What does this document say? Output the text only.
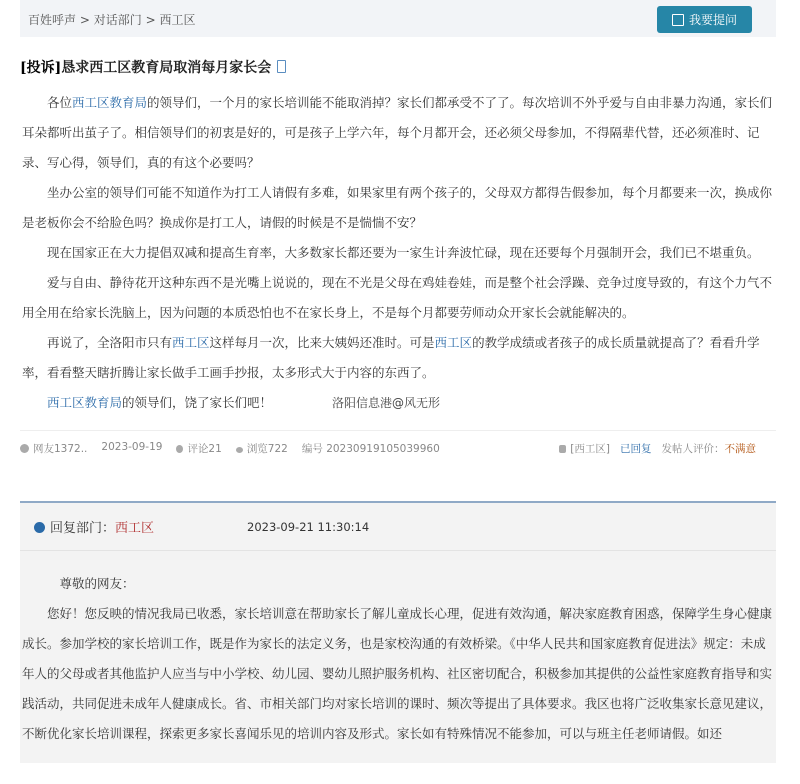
百姓呼声 > 对话部门 > 西工区	我要提问
[投诉]恳求西工区教育局取消每月家长会

各位西工区教育局的领导们，一个月的家长培训能不能取消掉？家长们都承受不了了。每次培训不外乎爱与自由非暴力沟通，家长们耳朵都听出茧子了。相信领导们的初衷是好的，可是孩子上学六年，每个月都开会，还必须父母参加，不得隔辈代替，还必须准时、记录、写心得，领导们，真的有这个必要吗？

坐办公室的领导们可能不知道作为打工人请假有多难，如果家里有两个孩子的，父母双方都得告假参加，每个月都要来一次，换成你是老板你会不给脸色吗？换成你是打工人，请假的时候是不是惴惴不安？

现在国家正在大力提倡双减和提高生育率，大多数家长都还要为一家生计奔波忙碌，现在还要每个月强制开会，我们已不堪重负。

爱与自由、静待花开这种东西不是光嘴上说说的，现在不光是父母在鸡娃卷娃，而是整个社会浮躁、竞争过度导致的，有这个力气不用全用在给家长洗脑上，因为问题的本质恐怕也不在家长身上，不是每个月都要劳师动众开家长会就能解决的。

再说了，全洛阳市只有西工区这样每月一次，比来大姨妈还准时。可是西工区的教学成绩或者孩子的成长质量就提高了？看看升学率，看看整天瞎折腾让家长做手工画手抄报，太多形式大于内容的东西了。

西工区教育局的领导们，饶了家长们吧！	洛阳信息港@风无形

网友1372.. 2023-09-19	评论21	浏览722 编号 20230919105039960	[西工区] 已回复 发帖人评价：不满意
回复部门：西工区	2023-09-21 11:30:14

尊敬的网友：

您好！您反映的情况我局已收悉，家长培训意在帮助家长了解儿童成长心理，促进有效沟通，解决家庭教育困惑，保障学生身心健康成长。参加学校的家长培训工作，既是作为家长的法定义务，也是家校沟通的有效桥梁。《中华人民共和国家庭教育促进法》规定：未成年人的父母或者其他监护人应当与中小学校、幼儿园、婴幼儿照护服务机构、社区密切配合，积极参加其提供的公益性家庭教育指导和实践活动，共同促进未成年人健康成长。省、市相关部门均对家长培训的课时、频次等提出了具体要求。我区也将广泛收集家长意见建议，不断优化家长培训课程，探索更多家长喜闻乐见的培训内容及形式。家长如有特殊情况不能参加，可以与班主任老师请假。如还
